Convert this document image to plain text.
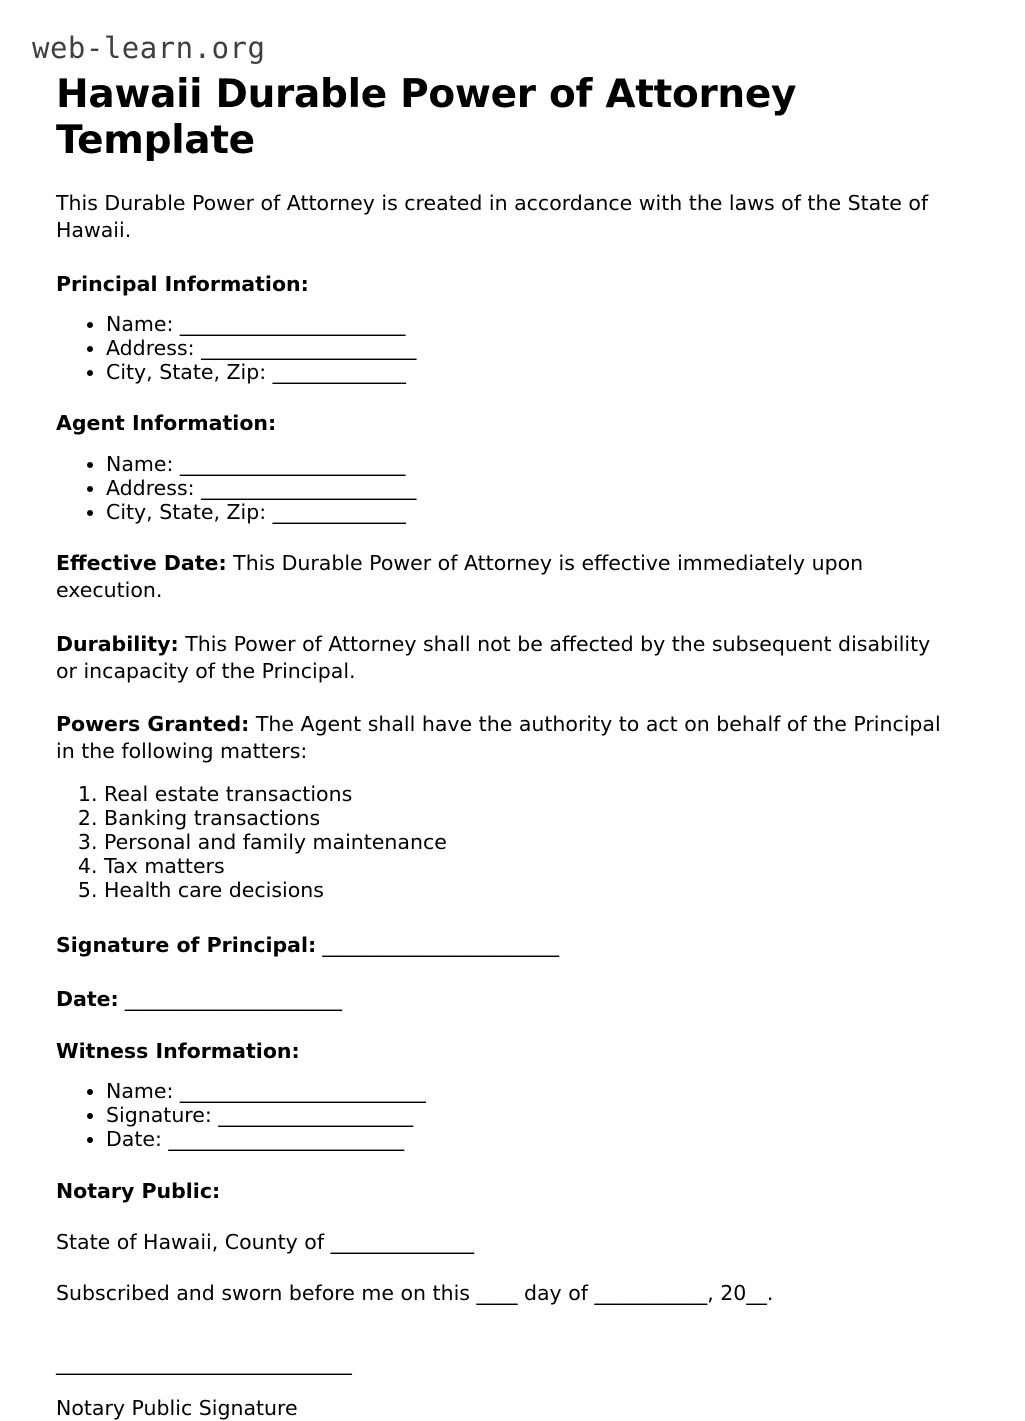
web-learn.org
Hawaii Durable Power of Attorney Template

This Durable Power of Attorney is created in accordance with the laws of the State of Hawaii.

Principal Information:
• Name: ______________________
• Address: _____________________
• City, State, Zip: _____________
Agent Information:
• Name: ______________________
• Address: _____________________
• City, State, Zip: _____________

Effective Date: This Durable Power of Attorney is effective immediately upon execution.

Durability: This Power of Attorney shall not be affected by the subsequent disability or incapacity of the Principal.

Powers Granted: The Agent shall have the authority to act on behalf of the Principal in the following matters:

1. Real estate transactions
2. Banking transactions
3. Personal and family maintenance
4. Tax matters
5. Health care decisions
Signature of Principal: ________________________
Date: ______________________
Witness Information:
• Name: ________________________
• Signature: ___________________
• Date: _______________________
Notary Public:

State of Hawaii, County of ______________

Subscribed and sworn before me on this ____ day of ___________, 20__.

______________________________
Notary Public Signature
